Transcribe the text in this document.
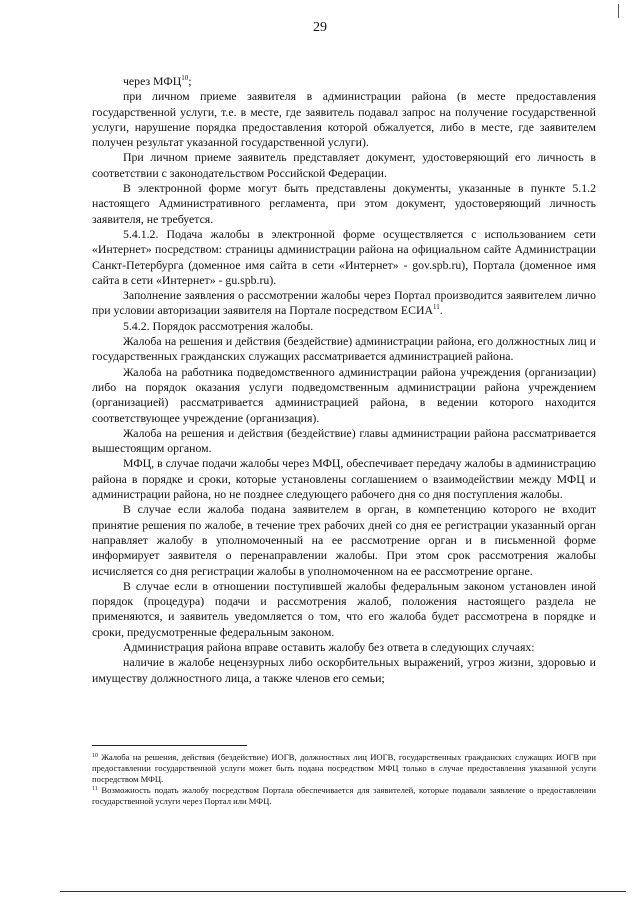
29

через МФЦ$^{10}$;

при личном приеме заявителя в администрации района (в месте предоставления государственной услуги, т.е. в месте, где заявитель подавал запрос на получение государственной услуги, нарушение порядка предоставления которой обжалуется, либо в месте, где заявителем получен результат указанной государственной услуги).

При личном приеме заявитель представляет документ, удостоверяющий его личность в соответствии с законодательством Российской Федерации.

В электронной форме могут быть представлены документы, указанные в пункте 5.1.2 настоящего Административного регламента, при этом документ, удостоверяющий личность заявителя, не требуется.

5.4.1.2. Подача жалобы в электронной форме осуществляется с использованием сети «Интернет» посредством: страницы администрации района на официальном сайте Администрации Санкт-Петербурга (доменное имя сайта в сети «Интернет» - gov.spb.ru), Портала (доменное имя сайта в сети «Интернет» - gu.spb.ru).

Заполнение заявления о рассмотрении жалобы через Портал производится заявителем лично при условии авторизации заявителя на Портале посредством ЕСИА$^{11}$.

5.4.2. Порядок рассмотрения жалобы.

Жалоба на решения и действия (бездействие) администрации района, его должностных лиц и государственных гражданских служащих рассматривается администрацией района.

Жалоба на работника подведомственного администрации района учреждения (организации) либо на порядок оказания услуги подведомственным администрации района учреждением (организацией) рассматривается администрацией района, в ведении которого находится соответствующее учреждение (организация).

Жалоба на решения и действия (бездействие) главы администрации района рассматривается вышестоящим органом.

МФЦ, в случае подачи жалобы через МФЦ, обеспечивает передачу жалобы в администрацию района в порядке и сроки, которые установлены соглашением о взаимодействии между МФЦ и администрации района, но не позднее следующего рабочего дня со дня поступления жалобы.

В случае если жалоба подана заявителем в орган, в компетенцию которого не входит принятие решения по жалобе, в течение трех рабочих дней со дня ее регистрации указанный орган направляет жалобу в уполномоченный на ее рассмотрение орган и в письменной форме информирует заявителя о перенаправлении жалобы. При этом срок рассмотрения жалобы исчисляется со дня регистрации жалобы в уполномоченном на ее рассмотрение органе.

В случае если в отношении поступившей жалобы федеральным законом установлен иной порядок (процедура) подачи и рассмотрения жалоб, положения настоящего раздела не применяются, и заявитель уведомляется о том, что его жалоба будет рассмотрена в порядке и сроки, предусмотренные федеральным законом.

Администрация района вправе оставить жалобу без ответа в следующих случаях:

наличие в жалобе нецензурных либо оскорбительных выражений, угроз жизни, здоровью и имуществу должностного лица, а также членов его семьи;

$^{10}$ Жалоба на решения, действия (бездействие) ИОГВ, должностных лиц ИОГВ, государственных гражданских служащих ИОГВ при предоставлении государственной услуги может быть подана посредством МФЦ только в случае предоставления указанной услуги посредством МФЦ.

$^{11}$ Возможность подать жалобу посредством Портала обеспечивается для заявителей, которые подавали заявление о предоставлении государственной услуги через Портал или МФЦ.
